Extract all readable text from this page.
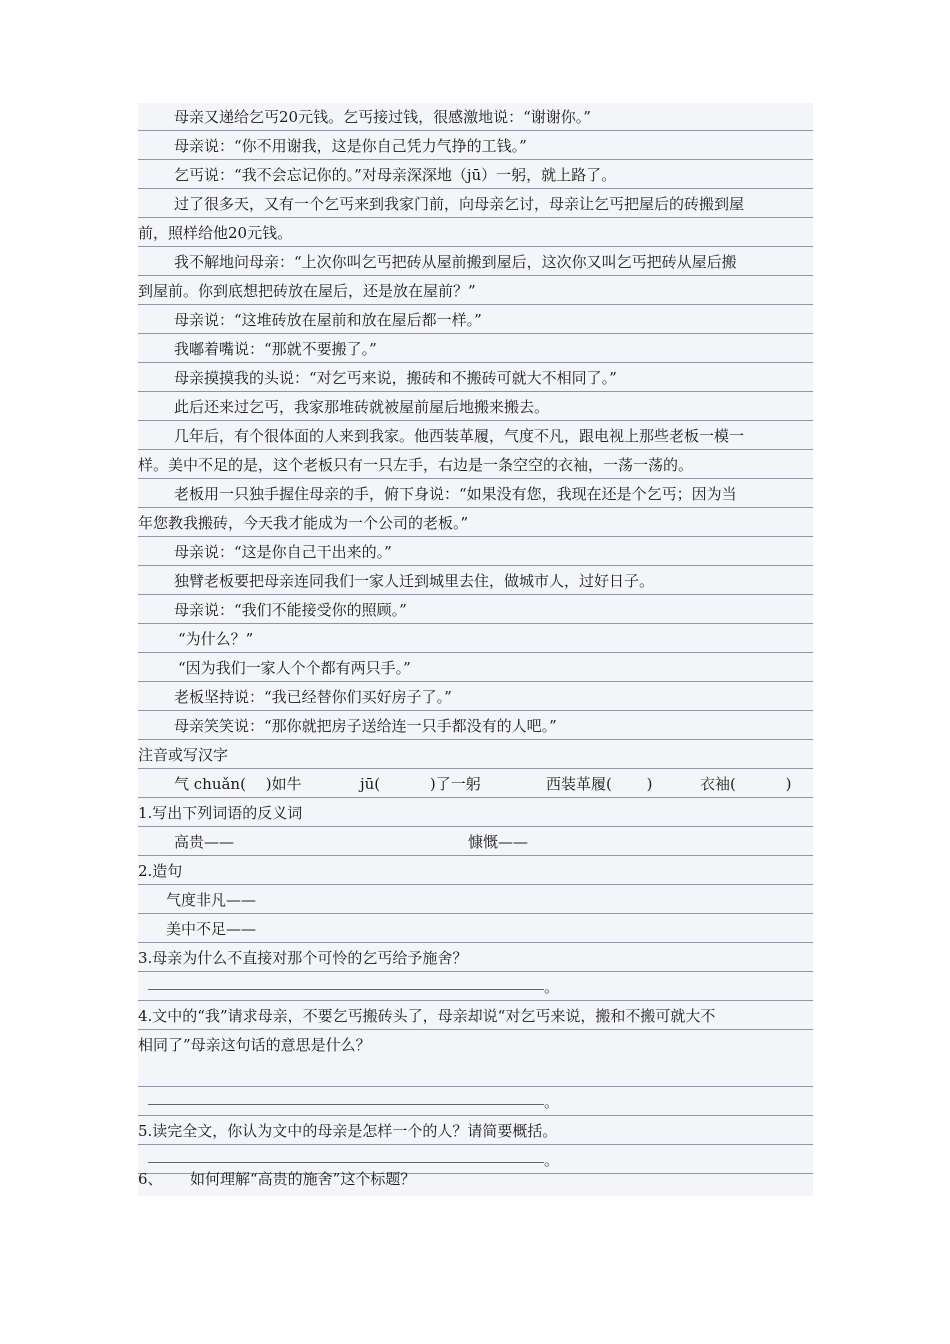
母亲又递给乞丐20元钱。乞丐接过钱，很感激地说：“谢谢你。”
母亲说：“你不用谢我，这是你自己凭力气挣的工钱。”
乞丐说：“我不会忘记你的。”对母亲深深地（jū）一躬，就上路了。
过了很多天，又有一个乞丐来到我家门前，向母亲乞讨，母亲让乞丐把屋后的砖搬到屋
前，照样给他20元钱。
我不解地问母亲：“上次你叫乞丐把砖从屋前搬到屋后，这次你又叫乞丐把砖从屋后搬
到屋前。你到底想把砖放在屋后，还是放在屋前？”
母亲说：“这堆砖放在屋前和放在屋后都一样。”
我嘟着嘴说：“那就不要搬了。”
母亲摸摸我的头说：“对乞丐来说，搬砖和不搬砖可就大不相同了。”
此后还来过乞丐，我家那堆砖就被屋前屋后地搬来搬去。
几年后，有个很体面的人来到我家。他西装革履，气度不凡，跟电视上那些老板一模一
样。美中不足的是，这个老板只有一只左手，右边是一条空空的衣袖，一荡一荡的。
老板用一只独手握住母亲的手，俯下身说：“如果没有您，我现在还是个乞丐；因为当
年您教我搬砖，今天我才能成为一个公司的老板。”
母亲说：“这是你自己干出来的。”
独臂老板要把母亲连同我们一家人迁到城里去住，做城市人，过好日子。
母亲说：“我们不能接受你的照顾。”
“为什么？”
“因为我们一家人个个都有两只手。”
老板坚持说：“我已经替你们买好房子了。”
母亲笑笑说：“那你就把房子送给连一只手都没有的人吧。”
注音或写汉字
气 chuǎn(　 )如牛	jū(　　　 )了一躬	西装革履(　　 )	衣袖(　　　 )
1.写出下列词语的反义词
高贵——	慷慨——
2.造句
气度非凡——
美中不足——
3.母亲为什么不直接对那个可怜的乞丐给予施舍？
。
4.文中的“我”请求母亲，不要乞丐搬砖头了，母亲却说“对乞丐来说，搬和不搬可就大不
相同了”母亲这句话的意思是什么？
。
5.读完全文，你认为文中的母亲是怎样一个的人？请简要概括。
。
6、 如何理解“高贵的施舍”这个标题？
